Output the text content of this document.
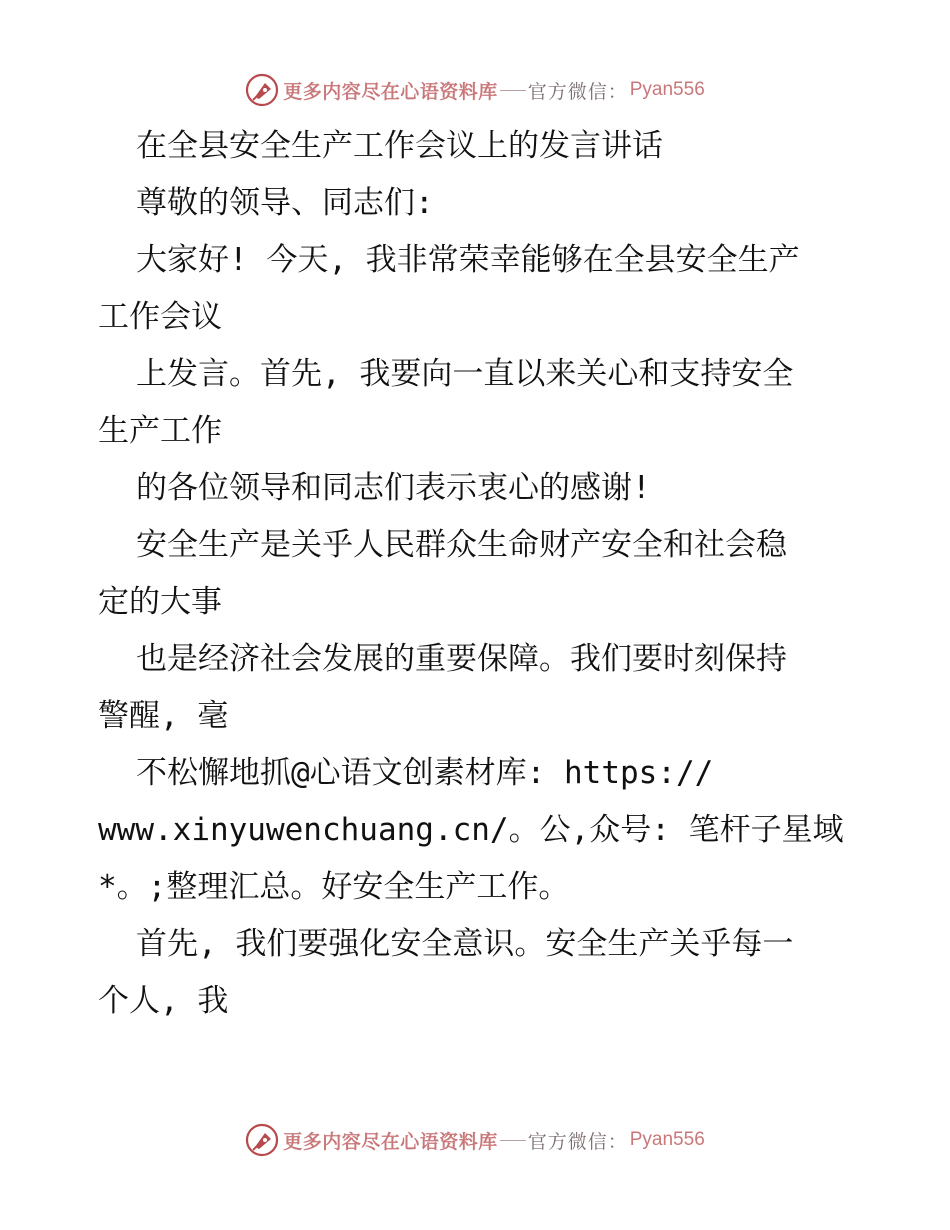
更多内容尽在心语资料库 官方微信： Pyan556

在全县安全生产工作会议上的发言讲话

尊敬的领导、同志们:

大家好! 今天, 我非常荣幸能够在全县安全生产

工作会议

上发言。首先, 我要向一直以来关心和支持安全

生产工作

的各位领导和同志们表示衷心的感谢!

安全生产是关乎人民群众生命财产安全和社会稳

定的大事

也是经济社会发展的重要保障。我们要时刻保持

警醒, 毫

不松懈地抓@心语文创素材库: https://

www.xinyuwenchuang.cn/。公,众号: 笔杆子星域

*。;整理汇总。好安全生产工作。

首先, 我们要强化安全意识。安全生产关乎每一

个人, 我

更多内容尽在心语资料库 官方微信： Pyan556
